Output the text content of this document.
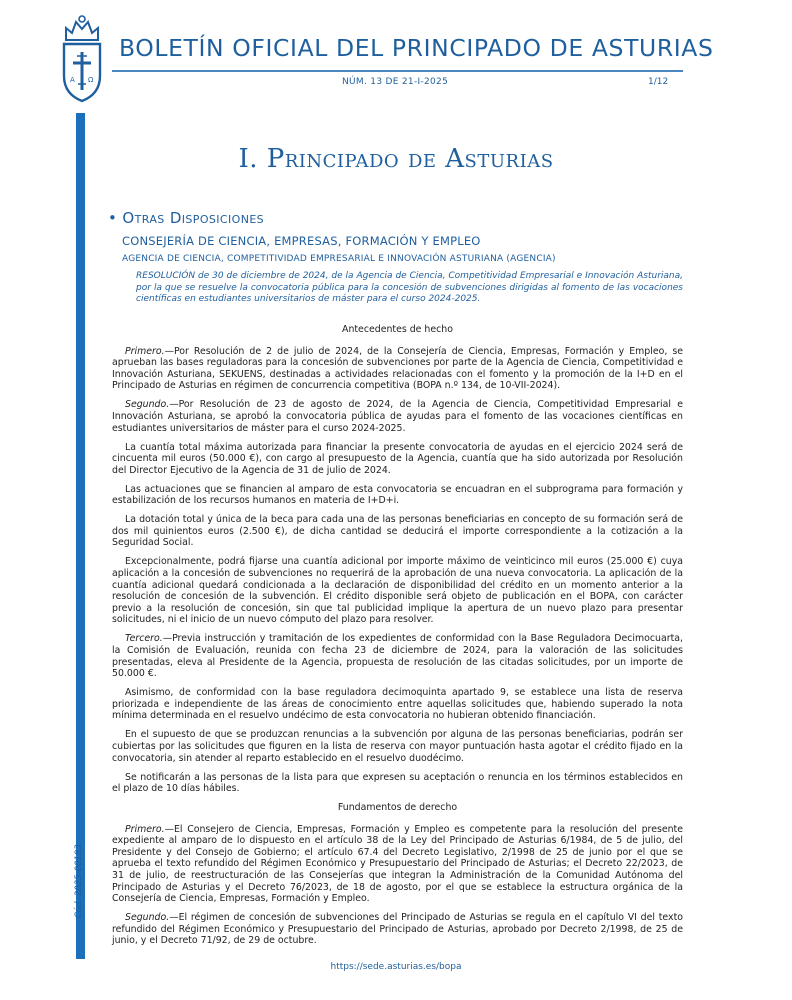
A Ω
BOLETÍN OFICIAL DEL PRINCIPADO DE ASTURIAS
NÚM. 13 DE 21-I-2025	1/12
Cód. 2025-00183
I. Principado de Asturias
• Otras Disposiciones
CONSEJERÍA DE CIENCIA, EMPRESAS, FORMACIÓN Y EMPLEO
AGENCIA DE CIENCIA, COMPETITIVIDAD EMPRESARIAL E INNOVACIÓN ASTURIANA (AGENCIA)

RESOLUCIÓN de 30 de diciembre de 2024, de la Agencia de Ciencia, Competitividad Empresarial e Innovación Asturiana, por la que se resuelve la convocatoria pública para la concesión de subvenciones dirigidas al fomento de las vocaciones científicas en estudiantes universitarios de máster para el curso 2024-2025.

Antecedentes de hecho

Primero.—Por Resolución de 2 de julio de 2024, de la Consejería de Ciencia, Empresas, Formación y Empleo, se aprueban las bases reguladoras para la concesión de subvenciones por parte de la Agencia de Ciencia, Competitividad e Innovación Asturiana, SEKUENS, destinadas a actividades relacionadas con el fomento y la promoción de la I+D en el Principado de Asturias en régimen de concurrencia competitiva (BOPA n.º 134, de 10-VII-2024).

Segundo.—Por Resolución de 23 de agosto de 2024, de la Agencia de Ciencia, Competitividad Empresarial e Innovación Asturiana, se aprobó la convocatoria pública de ayudas para el fomento de las vocaciones científicas en estudiantes universitarios de máster para el curso 2024-2025.

La cuantía total máxima autorizada para financiar la presente convocatoria de ayudas en el ejercicio 2024 será de cincuenta mil euros (50.000 €), con cargo al presupuesto de la Agencia, cuantía que ha sido autorizada por Resolución del Director Ejecutivo de la Agencia de 31 de julio de 2024.

Las actuaciones que se financien al amparo de esta convocatoria se encuadran en el subprograma para formación y estabilización de los recursos humanos en materia de I+D+i.

La dotación total y única de la beca para cada una de las personas beneficiarias en concepto de su formación será de dos mil quinientos euros (2.500 €), de dicha cantidad se deducirá el importe correspondiente a la cotización a la Seguridad Social.

Excepcionalmente, podrá fijarse una cuantía adicional por importe máximo de veinticinco mil euros (25.000 €) cuya aplicación a la concesión de subvenciones no requerirá de la aprobación de una nueva convocatoria. La aplicación de la cuantía adicional quedará condicionada a la declaración de disponibilidad del crédito en un momento anterior a la resolución de concesión de la subvención. El crédito disponible será objeto de publicación en el BOPA, con carácter previo a la resolución de concesión, sin que tal publicidad implique la apertura de un nuevo plazo para presentar solicitudes, ni el inicio de un nuevo cómputo del plazo para resolver.

Tercero.—Previa instrucción y tramitación de los expedientes de conformidad con la Base Reguladora Decimocuarta, la Comisión de Evaluación, reunida con fecha 23 de diciembre de 2024, para la valoración de las solicitudes presentadas, eleva al Presidente de la Agencia, propuesta de resolución de las citadas solicitudes, por un importe de 50.000 €.

Asimismo, de conformidad con la base reguladora decimoquinta apartado 9, se establece una lista de reserva priorizada e independiente de las áreas de conocimiento entre aquellas solicitudes que, habiendo superado la nota mínima determinada en el resuelvo undécimo de esta convocatoria no hubieran obtenido financiación.

En el supuesto de que se produzcan renuncias a la subvención por alguna de las personas beneficiarias, podrán ser cubiertas por las solicitudes que figuren en la lista de reserva con mayor puntuación hasta agotar el crédito fijado en la convocatoria, sin atender al reparto establecido en el resuelvo duodécimo.

Se notificarán a las personas de la lista para que expresen su aceptación o renuncia en los términos establecidos en el plazo de 10 días hábiles.

Fundamentos de derecho

Primero.—El Consejero de Ciencia, Empresas, Formación y Empleo es competente para la resolución del presente expediente al amparo de lo dispuesto en el artículo 38 de la Ley del Principado de Asturias 6/1984, de 5 de julio, del Presidente y del Consejo de Gobierno; el artículo 67.4 del Decreto Legislativo, 2/1998 de 25 de junio por el que se aprueba el texto refundido del Régimen Económico y Presupuestario del Principado de Asturias; el Decreto 22/2023, de 31 de julio, de reestructuración de las Consejerías que integran la Administración de la Comunidad Autónoma del Principado de Asturias y el Decreto 76/2023, de 18 de agosto, por el que se establece la estructura orgánica de la Consejería de Ciencia, Empresas, Formación y Empleo.

Segundo.—El régimen de concesión de subvenciones del Principado de Asturias se regula en el capítulo VI del texto refundido del Régimen Económico y Presupuestario del Principado de Asturias, aprobado por Decreto 2/1998, de 25 de junio, y el Decreto 71/92, de 29 de octubre.

https://sede.asturias.es/bopa
